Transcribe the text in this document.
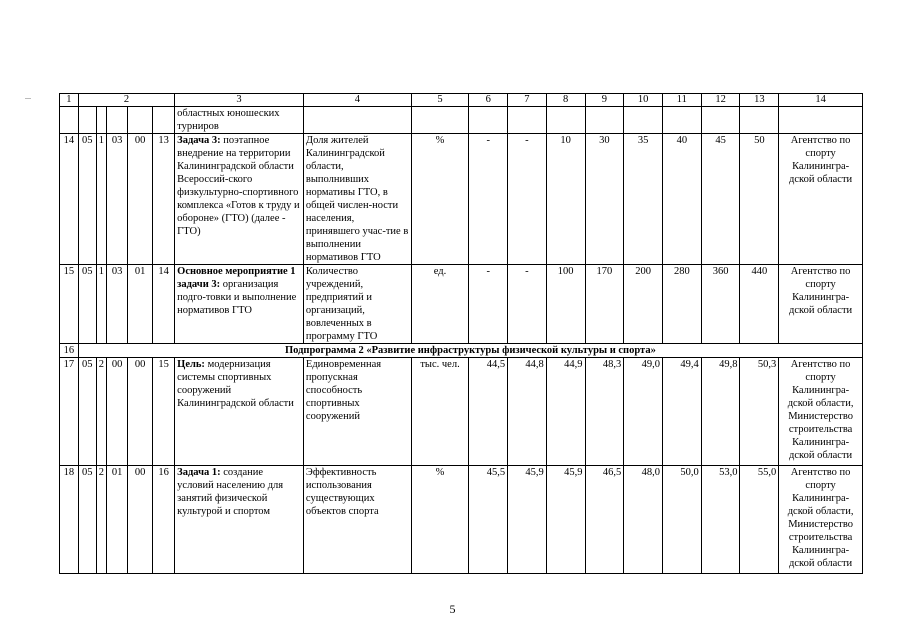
1	2					3	4	5	6	7	8	9	10	11	12	13	14
						областных юношеских турниров											
14	05	1	03	00	13	Задача 3: поэтапное внедрение на территории Калининградской области Всероссий-ского физкультурно-спортивного комплекса «Готов к труду и обороне» (ГТО) (далее - ГТО)	Доля жителей Калининградской области, выполнивших нормативы ГТО, в общей числен-ности населения, принявшего учас-тие в выполнении нормативов ГТО	%	-	-	10	30	35	40	45	50	Агентство по спорту Калинингра-дской области
15	05	1	03	01	14	Основное мероприятие 1 задачи 3: организация подго-товки и выполнение нормативов ГТО	Количество учреждений, предприятий и организаций, вовлеченных в программу ГТО	ед.	-	-	100	170	200	280	360	440	Агентство по спорту Калинингра-дской области
16	Подпрограмма 2 «Развитие инфраструктуры физической культуры и спорта»																
17	05	2	00	00	15	Цель: модернизация системы спортивных сооружений Калининградской области	Единовременная пропускная способность спортивных сооружений	тыс. чел.	44,5	44,8	44,9	48,3	49,0	49,4	49,8	50,3	Агентство по спорту Калинингра-дской области, Министерство строительства Калинингра-дской области
18	05	2	01	00	16	Задача 1: создание условий населению для занятий физической культурой и спортом	Эффективность использования существующих объектов спорта	%	45,5	45,9	45,9	46,5	48,0	50,0	53,0	55,0	Агентство по спорту Калинингра-дской области, Министерство строительства Калинингра-дской области
5
